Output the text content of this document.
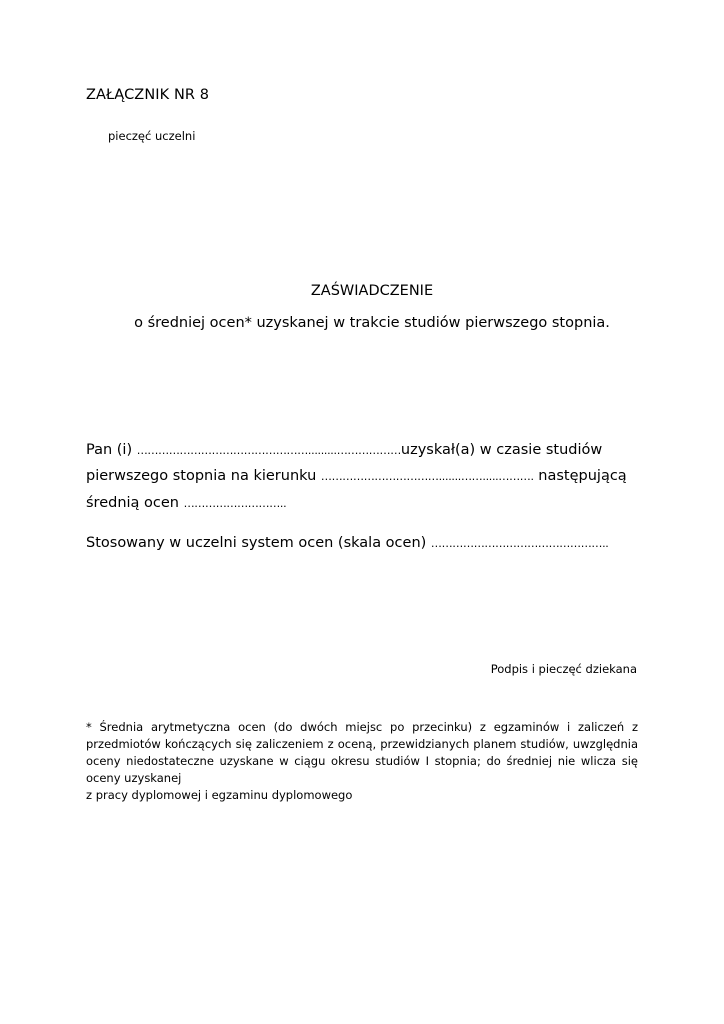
ZAŁĄCZNIK NR 8
pieczęć uczelni
ZAŚWIADCZENIE
o średniej ocen* uzyskanej w trakcie studiów pierwszego stopnia.
Pan (i) ………………………………………….........………………uzyskał(a) w czasie studiów
pierwszego stopnia na kierunku …………………………….......…….....………. następującą
średnią ocen ………………………..
Stosowany w uczelni system ocen (skala ocen) …………………………………………..
Podpis i pieczęć dziekana
* Średnia arytmetyczna ocen (do dwóch miejsc po przecinku) z egzaminów i zaliczeń z przedmiotów kończących się zaliczeniem z oceną, przewidzianych planem studiów, uwzględnia oceny niedostateczne uzyskane w ciągu okresu studiów I stopnia; do średniej nie wlicza się oceny uzyskanej
z pracy dyplomowej i egzaminu dyplomowego
